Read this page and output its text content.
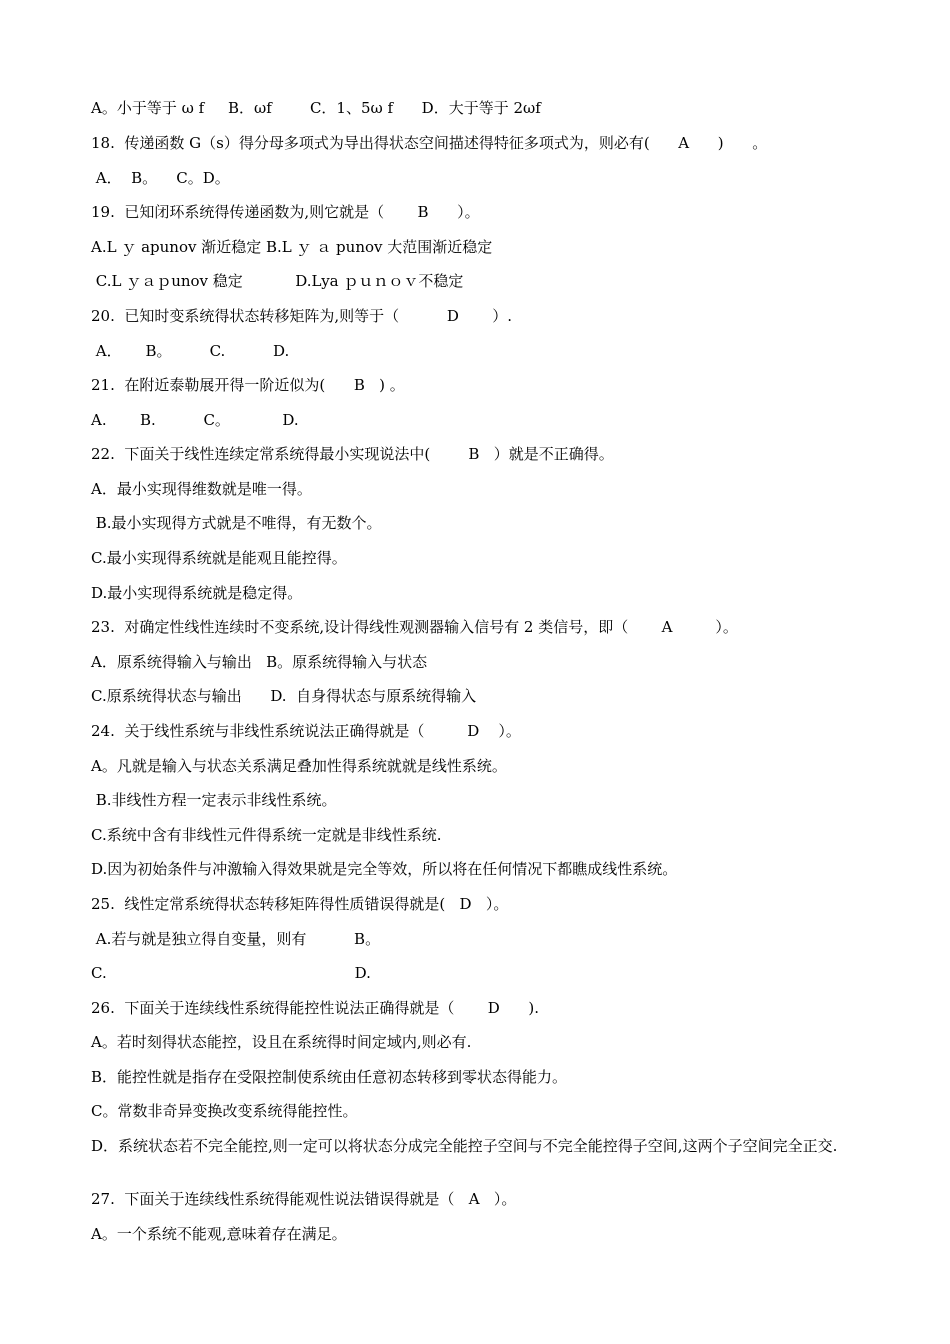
A。小于等于 ω f     B．ωf        C．1、5ω f      D．大于等于 2ωf
18.  传递函数 G（s）得分母多项式为导出得状态空间描述得特征多项式为，则必有(      A      )      。
A．  B。    C。D。
19.  已知闭环系统得传递函数为,则它就是（       B      ）。
A.L ｙ apunov 渐近稳定 B.L ｙ ａ punov 大范围渐近稳定
C.L ｙａｐunov 稳定           D.Lya ｐｕｎｏｖ不稳定
20.  已知时变系统得状态转移矩阵为,则等于（          D       ）.
A．     B。        C.          D.
21.  在附近泰勒展开得一阶近似为(      B   ) 。
A.       B.          C。           D.
22.  下面关于线性连续定常系统得最小实现说法中(        B   ）就是不正确得。
A．最小实现得维数就是唯一得。
B.最小实现得方式就是不唯得，有无数个。
C.最小实现得系统就是能观且能控得。
D.最小实现得系统就是稳定得。
23.  对确定性线性连续时不变系统,设计得线性观测器输入信号有 2 类信号，即（       A         ）。
A．原系统得输入与输出   B。原系统得输入与状态
C.原系统得状态与输出      D.  自身得状态与原系统得输入
24.  关于线性系统与非线性系统说法正确得就是（         D    ）。
A。凡就是输入与状态关系满足叠加性得系统就就是线性系统。
B.非线性方程一定表示非线性系统。
C.系统中含有非线性元件得系统一定就是非线性系统.
D.因为初始条件与冲激输入得效果就是完全等效，所以将在任何情况下都瞧成线性系统。
25.  线性定常系统得状态转移矩阵得性质错误得就是(   D   ）。
A.若与就是独立得自变量，则有          B。
C.                                                    D.
26.  下面关于连续线性系统得能控性说法正确得就是（       D      ).
A。若时刻得状态能控，设且在系统得时间定域内,则必有.
B．能控性就是指存在受限控制使系统由任意初态转移到零状态得能力。
C。常数非奇异变换改变系统得能控性。
D．系统状态若不完全能控,则一定可以将状态分成完全能控子空间与不完全能控得子空间,这两个子空间完全正交.
27.  下面关于连续线性系统得能观性说法错误得就是（   A   ）。
A。一个系统不能观,意味着存在满足。
